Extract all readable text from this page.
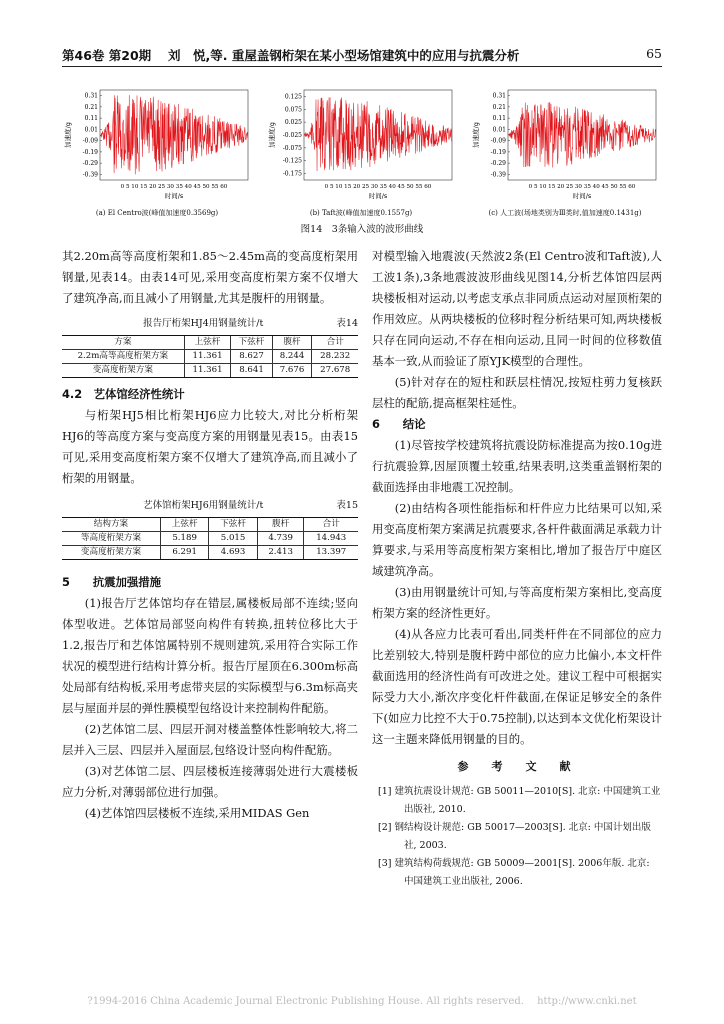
第46卷 第20期　 刘　悦,等. 重屋盖钢桁架在某小型场馆建筑中的应用与抗震分析	65
0.31
0.21
0.11
0.01
-0.09
-0.19
-0.29
-0.39
0 5 10 15 20 25 30 35 40 45 50 55 60
时间/s
加速度/g
(a) El Centro波(峰值加速度0.3569g)
0.125
0.075
0.025
-0.025
-0.075
-0.125
-0.175
0 5 10 15 20 25 30 35 40 45 50 55 60
时间/s
加速度/g
(b) Taft波(峰值加速度0.1557g)
0.31
0.21
0.11
0.01
-0.09
-0.19
-0.29
-0.39
0 5 10 15 20 25 30 35 40 45 50 55 60
时间/s
加速度/g
(c) 人工波(场地类别为Ⅲ类时,值加速度0.1431g)
图14　3条输入波的波形曲线

其2.20m高等高度桁架和1.85～2.45m高的变高度桁架用钢量,见表14。由表14可见,采用变高度桁架方案不仅增大了建筑净高,而且减小了用钢量,尤其是腹杆的用钢量。

报告厅桁架HJ4用钢量统计/t	表14
方案	上弦杆	下弦杆	腹杆	合计
2.2m高等高度桁架方案	11.361	8.627	8.244	28.232
变高度桁架方案	11.361	8.641	7.676	27.678
4.2　艺体馆经济性统计

与桁架HJ5相比桁架HJ6应力比较大,对比分析桁架HJ6的等高度方案与变高度方案的用钢量见表15。由表15可见,采用变高度桁架方案不仅增大了建筑净高,而且减小了桁架的用钢量。

艺体馆桁架HJ6用钢量统计/t	表15
结构方案	上弦杆	下弦杆	腹杆	合计
等高度桁架方案	5.189	5.015	4.739	14.943
变高度桁架方案	6.291	4.693	2.413	13.397
5　　抗震加强措施

(1)报告厅艺体馆均存在错层,属楼板局部不连续;竖向体型收进。艺体馆局部竖向构件有转换,扭转位移比大于1.2,报告厅和艺体馆属特别不规则建筑,采用符合实际工作状况的模型进行结构计算分析。报告厅屋顶在6.300m标高处局部有结构板,采用考虑带夹层的实际模型与6.3m标高夹层与屋面并层的弹性膜模型包络设计来控制构件配筋。

(2)艺体馆二层、四层开洞对楼盖整体性影响较大,将二层并入三层、四层并入屋面层,包络设计竖向构件配筋。

(3)对艺体馆二层、四层楼板连接薄弱处进行大震楼板应力分析,对薄弱部位进行加强。

(4)艺体馆四层楼板不连续,采用MIDAS Gen

对模型输入地震波(天然波2条(El Centro波和Taft波),人工波1条),3条地震波波形曲线见图14,分析艺体馆四层两块楼板相对运动,以考虑支承点非同质点运动对屋顶桁架的作用效应。从两块楼板的位移时程分析结果可知,两块楼板只存在同向运动,不存在相向运动,且同一时间的位移数值基本一致,从而验证了原YJK模型的合理性。

(5)针对存在的短柱和跃层柱情况,按短柱剪力复核跃层柱的配筋,提高框架柱延性。

6　　结论

(1)尽管按学校建筑将抗震设防标准提高为按0.10g进行抗震验算,因屋顶覆土较重,结果表明,这类重盖钢桁架的截面选择由非地震工况控制。

(2)由结构各项性能指标和杆件应力比结果可以知,采用变高度桁架方案满足抗震要求,各杆件截面满足承载力计算要求,与采用等高度桁架方案相比,增加了报告厅中庭区域建筑净高。

(3)由用钢量统计可知,与等高度桁架方案相比,变高度桁架方案的经济性更好。

(4)从各应力比表可看出,同类杆件在不同部位的应力比差别较大,特别是腹杆跨中部位的应力比偏小,本文杆件截面选用的经济性尚有可改进之处。建议工程中可根据实际受力大小,渐次序变化杆件截面,在保证足够安全的条件下(如应力比控不大于0.75控制),以达到本文优化桁架设计这一主题来降低用钢量的目的。

参　考　文　献
[1] 建筑抗震设计规范: GB 50011—2010[S]. 北京: 中国建筑工业出版社, 2010.
[2] 钢结构设计规范: GB 50017—2003[S]. 北京: 中国计划出版社, 2003.
[3] 建筑结构荷载规范: GB 50009—2001[S]. 2006年版. 北京: 中国建筑工业出版社, 2006.
?1994-2016 China Academic Journal Electronic Publishing House. All rights reserved.　 http://www.cnki.net
